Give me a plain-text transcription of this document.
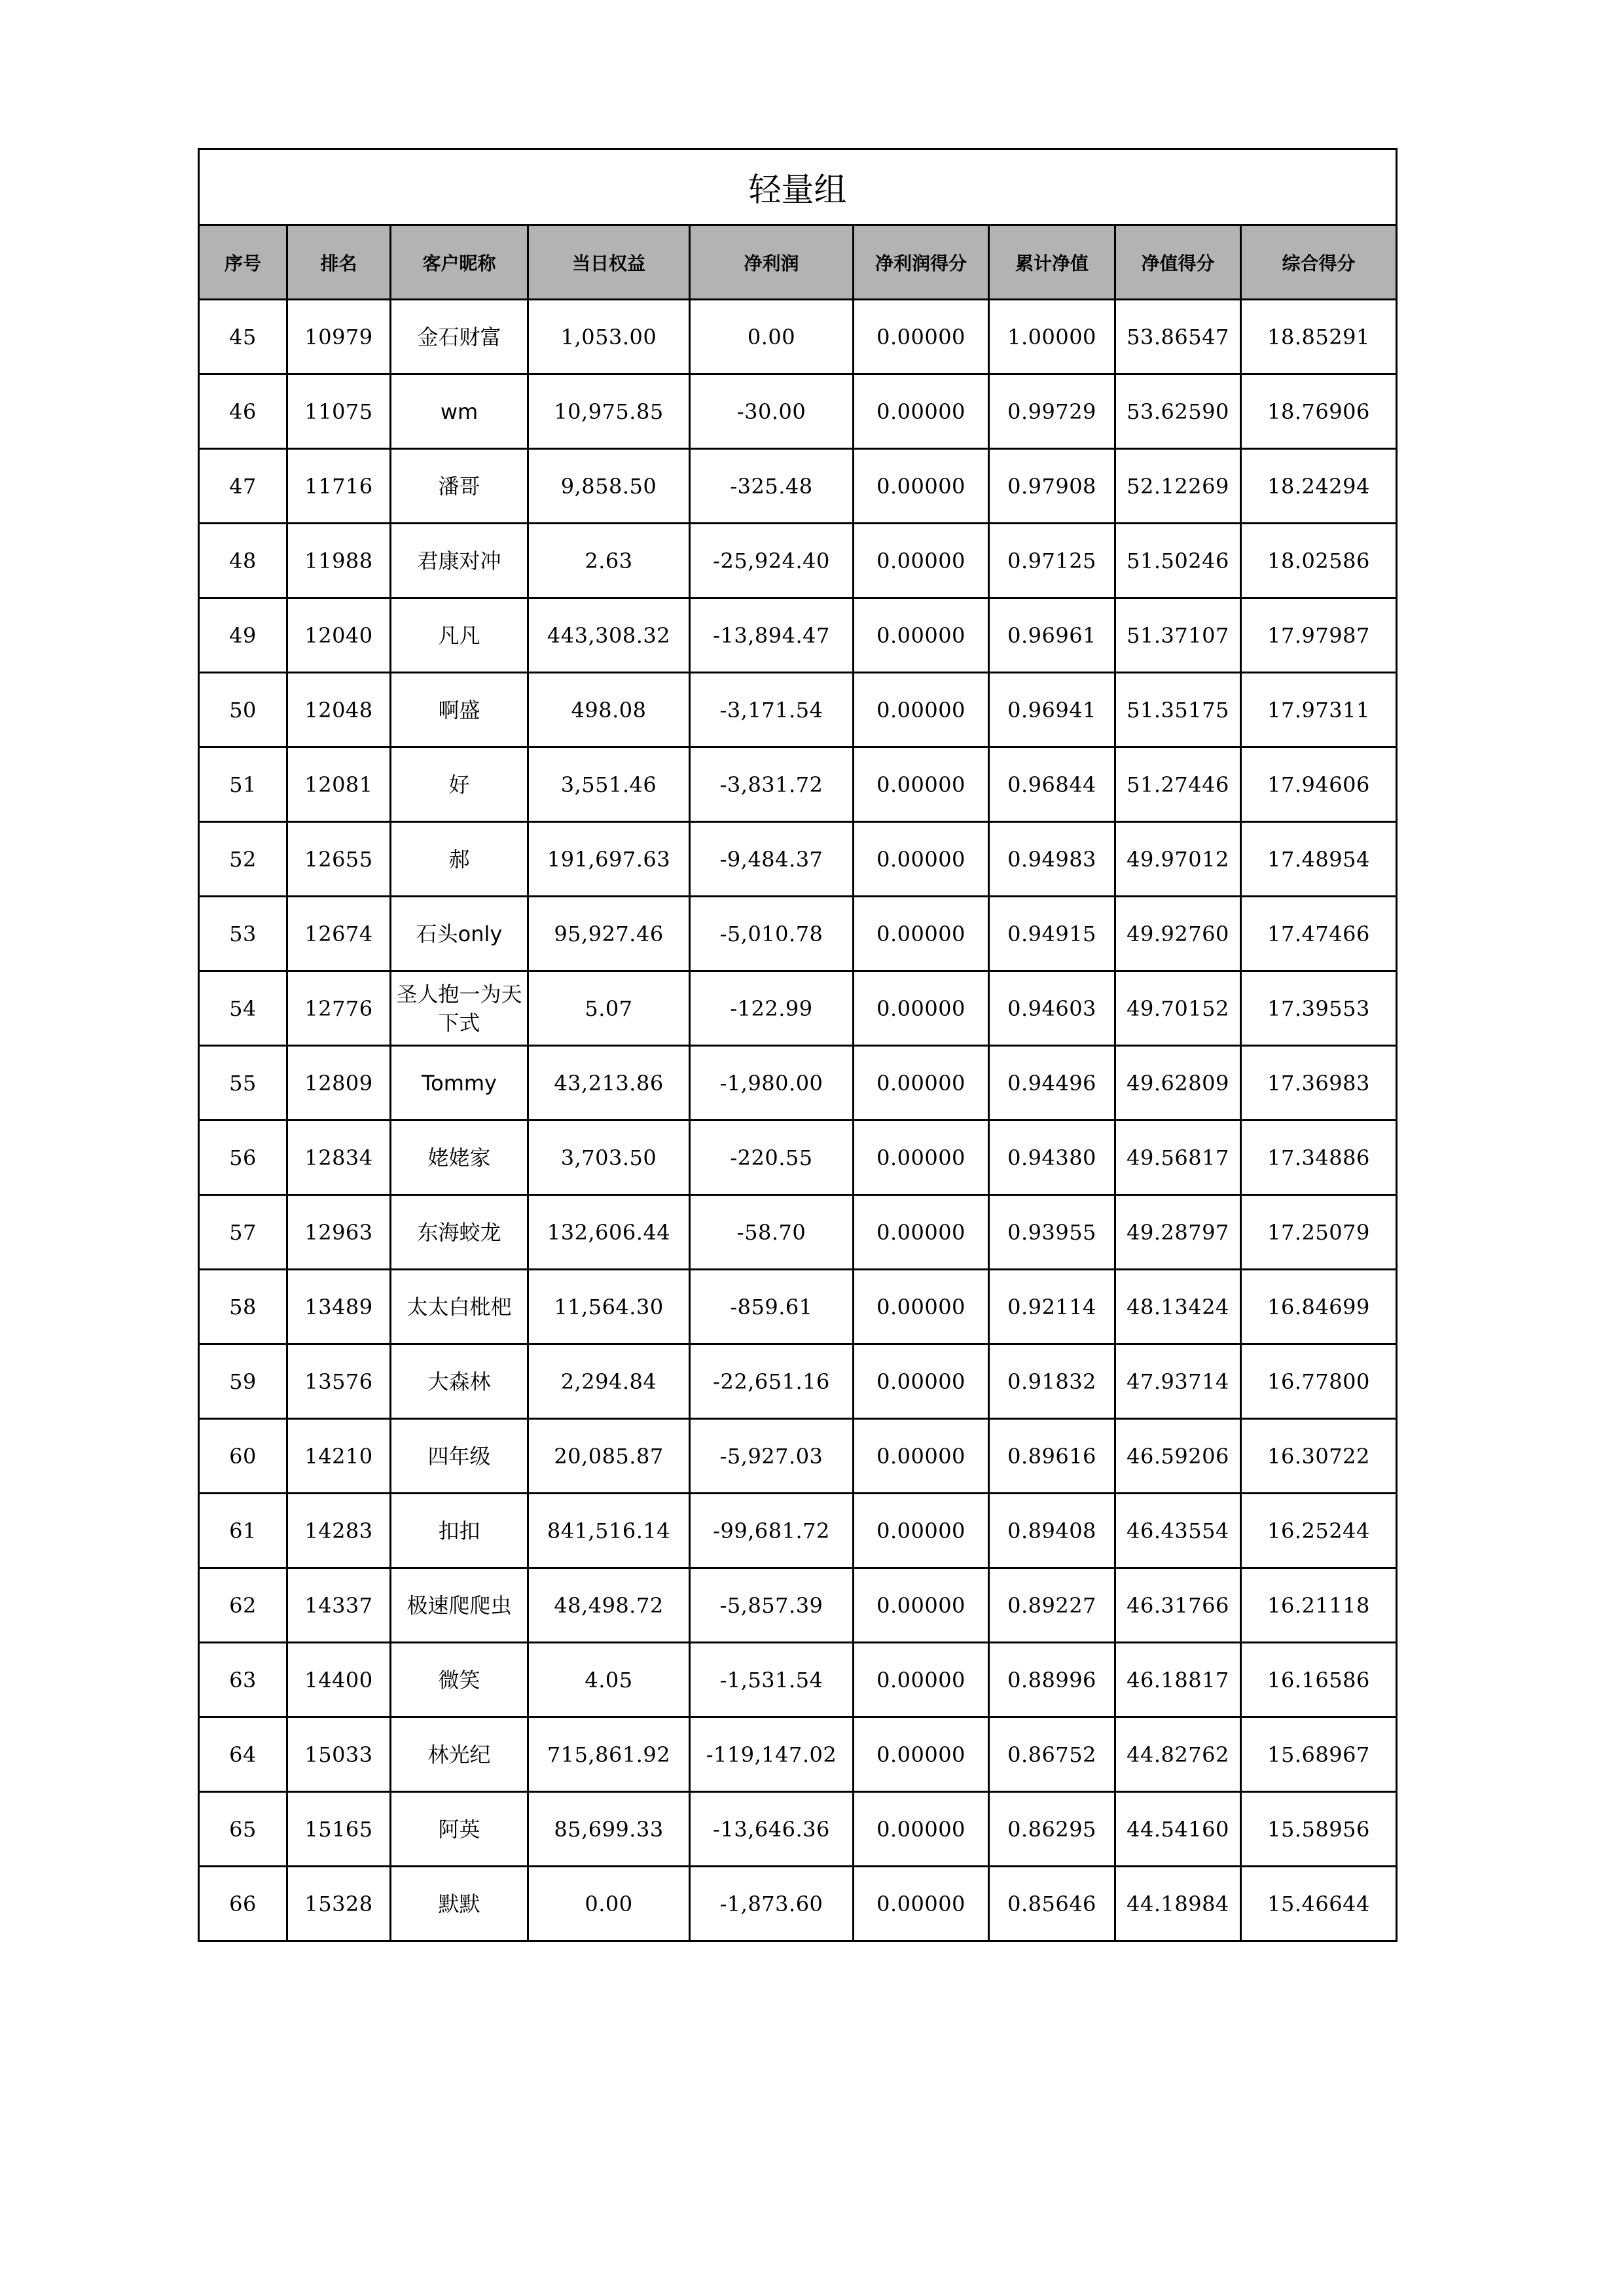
轻量组								
序号	排名	客户昵称	当日权益	净利润	净利润得分	累计净值	净值得分	综合得分
45	10979	金石财富	1,053.00	0.00	0.00000	1.00000	53.86547	18.85291
46	11075	wm	10,975.85	-30.00	0.00000	0.99729	53.62590	18.76906
47	11716	潘哥	9,858.50	-325.48	0.00000	0.97908	52.12269	18.24294
48	11988	君康对冲	2.63	-25,924.40	0.00000	0.97125	51.50246	18.02586
49	12040	凡凡	443,308.32	-13,894.47	0.00000	0.96961	51.37107	17.97987
50	12048	啊盛	498.08	-3,171.54	0.00000	0.96941	51.35175	17.97311
51	12081	好	3,551.46	-3,831.72	0.00000	0.96844	51.27446	17.94606
52	12655	郝	191,697.63	-9,484.37	0.00000	0.94983	49.97012	17.48954
53	12674	石头only	95,927.46	-5,010.78	0.00000	0.94915	49.92760	17.47466
54	12776	圣人抱一为天下式	5.07	-122.99	0.00000	0.94603	49.70152	17.39553
55	12809	Tommy	43,213.86	-1,980.00	0.00000	0.94496	49.62809	17.36983
56	12834	姥姥家	3,703.50	-220.55	0.00000	0.94380	49.56817	17.34886
57	12963	东海蛟龙	132,606.44	-58.70	0.00000	0.93955	49.28797	17.25079
58	13489	太太白枇杷	11,564.30	-859.61	0.00000	0.92114	48.13424	16.84699
59	13576	大森林	2,294.84	-22,651.16	0.00000	0.91832	47.93714	16.77800
60	14210	四年级	20,085.87	-5,927.03	0.00000	0.89616	46.59206	16.30722
61	14283	扣扣	841,516.14	-99,681.72	0.00000	0.89408	46.43554	16.25244
62	14337	极速爬爬虫	48,498.72	-5,857.39	0.00000	0.89227	46.31766	16.21118
63	14400	微笑	4.05	-1,531.54	0.00000	0.88996	46.18817	16.16586
64	15033	林光纪	715,861.92	-119,147.02	0.00000	0.86752	44.82762	15.68967
65	15165	阿英	85,699.33	-13,646.36	0.00000	0.86295	44.54160	15.58956
66	15328	默默	0.00	-1,873.60	0.00000	0.85646	44.18984	15.46644
